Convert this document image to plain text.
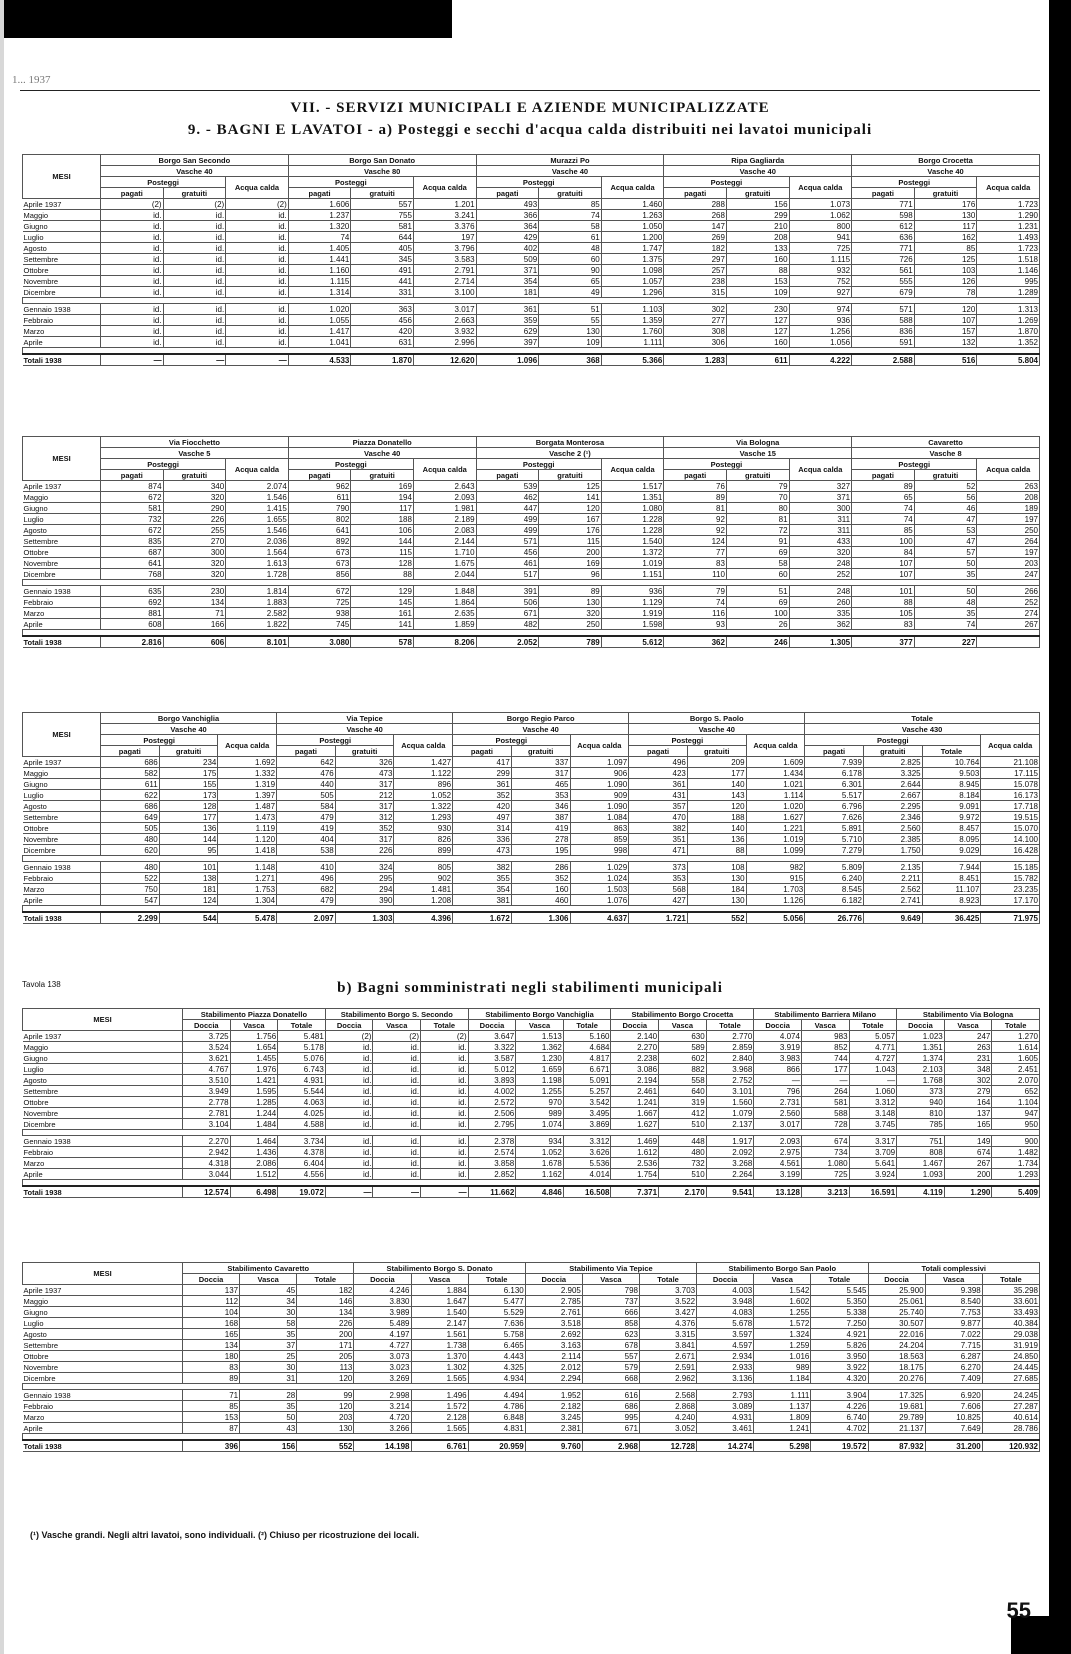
1... 1937
VII. - SERVIZI MUNICIPALI E AZIENDE MUNICIPALIZZATE
9. - BAGNI E LAVATOI - a) Posteggi e secchi d'acqua calda distribuiti nei lavatoi municipali
MESI	Borgo San Secondo			Borgo San Donato			Murazzi Po			Ripa Gagliarda			Borgo Crocetta		
	Vasche 40			Vasche 80			Vasche 40			Vasche 40			Vasche 40		
	Posteggi		Acqua calda	Posteggi		Acqua calda	Posteggi		Acqua calda	Posteggi		Acqua calda	Posteggi		Acqua calda
	pagati	gratuiti		pagati	gratuiti		pagati	gratuiti		pagati	gratuiti		pagati	gratuiti	
Aprile 1937	(2)	(2)	(2)	1.606	557	1.201	493	85	1.460	288	156	1.073	771	176	1.723
Maggio	id.	id.	id.	1.237	755	3.241	366	74	1.263	268	299	1.062	598	130	1.290
Giugno	id.	id.	id.	1.320	581	3.376	364	58	1.050	147	210	800	612	117	1.231
Luglio	id.	id.	id.	74	644	197	429	61	1.200	269	208	941	636	162	1.493
Agosto	id.	id.	id.	1.405	405	3.796	402	48	1.747	182	133	725	771	85	1.723
Settembre	id.	id.	id.	1.441	345	3.583	509	60	1.375	297	160	1.115	726	125	1.518
Ottobre	id.	id.	id.	1.160	491	2.791	371	90	1.098	257	88	932	561	103	1.146
Novembre	id.	id.	id.	1.115	441	2.714	354	65	1.057	238	153	752	555	126	995
Dicembre	id.	id.	id.	1.314	331	3.100	181	49	1.296	315	109	927	679	78	1.289

Gennaio 1938	id.	id.	id.	1.020	363	3.017	361	51	1.103	302	230	974	571	120	1.313
Febbraio	id.	id.	id.	1.055	456	2.663	359	55	1.359	277	127	936	588	107	1.269
Marzo	id.	id.	id.	1.417	420	3.932	629	130	1.760	308	127	1.256	836	157	1.870
Aprile	id.	id.	id.	1.041	631	2.996	397	109	1.111	306	160	1.056	591	132	1.352

Totali 1938	—	—	—	4.533	1.870	12.620	1.096	368	5.366	1.283	611	4.222	2.588	516	5.804
MESI	Via Fiocchetto			Piazza Donatello			Borgata Monterosa			Via Bologna			Cavaretto		
	Vasche 5			Vasche 40			Vasche 2 (¹)			Vasche 15			Vasche 8		
	Posteggi		Acqua calda	Posteggi		Acqua calda	Posteggi		Acqua calda	Posteggi		Acqua calda	Posteggi		Acqua calda
	pagati	gratuiti		pagati	gratuiti		pagati	gratuiti		pagati	gratuiti		pagati	gratuiti	
Aprile 1937	874	340	2.074	962	169	2.643	539	125	1.517	76	79	327	89	52	263
Maggio	672	320	1.546	611	194	2.093	462	141	1.351	89	70	371	65	56	208
Giugno	581	290	1.415	790	117	1.981	447	120	1.080	81	80	300	74	46	189
Luglio	732	226	1.655	802	188	2.189	499	167	1.228	92	81	311	74	47	197
Agosto	672	255	1.546	641	106	2.083	499	176	1.228	92	72	311	85	53	250
Settembre	835	270	2.036	892	144	2.144	571	115	1.540	124	91	433	100	47	264
Ottobre	687	300	1.564	673	115	1.710	456	200	1.372	77	69	320	84	57	197
Novembre	641	320	1.613	673	128	1.675	461	169	1.019	83	58	248	107	50	203
Dicembre	768	320	1.728	856	88	2.044	517	96	1.151	110	60	252	107	35	247

Gennaio 1938	635	230	1.814	672	129	1.848	391	89	936	79	51	248	101	50	266
Febbraio	692	134	1.883	725	145	1.864	506	130	1.129	74	69	260	88	48	252
Marzo	881	71	2.582	938	161	2.635	671	320	1.919	116	100	335	105	35	274
Aprile	608	166	1.822	745	141	1.859	482	250	1.598	93	26	362	83	74	267

Totali 1938	2.816	606	8.101	3.080	578	8.206	2.052	789	5.612	362	246	1.305	377	227	
MESI	Borgo Vanchiglia			Via Tepice			Borgo Regio Parco			Borgo S. Paolo			Totale			
	Vasche 40			Vasche 40			Vasche 40			Vasche 40			Vasche 430			
	Posteggi		Acqua calda	Posteggi		Acqua calda	Posteggi		Acqua calda	Posteggi		Acqua calda	Posteggi			Acqua calda
	pagati	gratuiti		pagati	gratuiti		pagati	gratuiti		pagati	gratuiti		pagati	gratuiti	Totale	
Aprile 1937	686	234	1.692	642	326	1.427	417	337	1.097	496	209	1.609	7.939	2.825	10.764	21.108
Maggio	582	175	1.332	476	473	1.122	299	317	906	423	177	1.434	6.178	3.325	9.503	17.115
Giugno	611	155	1.319	440	317	896	361	465	1.090	361	140	1.021	6.301	2.644	8.945	15.078
Luglio	622	173	1.397	505	212	1.052	352	353	909	431	143	1.114	5.517	2.667	8.184	16.173
Agosto	686	128	1.487	584	317	1.322	420	346	1.090	357	120	1.020	6.796	2.295	9.091	17.718
Settembre	649	177	1.473	479	312	1.293	497	387	1.084	470	188	1.627	7.626	2.346	9.972	19.515
Ottobre	505	136	1.119	419	352	930	314	419	863	382	140	1.221	5.891	2.560	8.457	15.070
Novembre	480	144	1.120	404	317	826	336	278	859	351	136	1.019	5.710	2.385	8.095	14.100
Dicembre	620	95	1.418	538	226	899	473	195	998	471	88	1.099	7.279	1.750	9.029	16.428

Gennaio 1938	480	101	1.148	410	324	805	382	286	1.029	373	108	982	5.809	2.135	7.944	15.185
Febbraio	522	138	1.271	496	295	902	355	352	1.024	353	130	915	6.240	2.211	8.451	15.782
Marzo	750	181	1.753	682	294	1.481	354	160	1.503	568	184	1.703	8.545	2.562	11.107	23.235
Aprile	547	124	1.304	479	390	1.208	381	460	1.076	427	130	1.126	6.182	2.741	8.923	17.170

Totali 1938	2.299	544	5.478	2.097	1.303	4.396	1.672	1.306	4.637	1.721	552	5.056	26.776	9.649	36.425	71.975
Tavola 138	b) Bagni somministrati negli stabilimenti municipali
MESI	Stabilimento Piazza Donatello			Stabilimento Borgo S. Secondo			Stabilimento Borgo Vanchiglia			Stabilimento Borgo Crocetta			Stabilimento Barriera Milano			Stabilimento Via Bologna		
	Doccia	Vasca	Totale	Doccia	Vasca	Totale	Doccia	Vasca	Totale	Doccia	Vasca	Totale	Doccia	Vasca	Totale	Doccia	Vasca	Totale
Aprile 1937	3.725	1.756	5.481	(2)	(2)	(2)	3.647	1.513	5.160	2.140	630	2.770	4.074	983	5.057	1.023	247	1.270
Maggio	3.524	1.654	5.178	id.	id.	id.	3.322	1.362	4.684	2.270	589	2.859	3.919	852	4.771	1.351	263	1.614
Giugno	3.621	1.455	5.076	id.	id.	id.	3.587	1.230	4.817	2.238	602	2.840	3.983	744	4.727	1.374	231	1.605
Luglio	4.767	1.976	6.743	id.	id.	id.	5.012	1.659	6.671	3.086	882	3.968	866	177	1.043	2.103	348	2.451
Agosto	3.510	1.421	4.931	id.	id.	id.	3.893	1.198	5.091	2.194	558	2.752	—	—	—	1.768	302	2.070
Settembre	3.949	1.595	5.544	id.	id.	id.	4.002	1.255	5.257	2.461	640	3.101	796	264	1.060	373	279	652
Ottobre	2.778	1.285	4.063	id.	id.	id.	2.572	970	3.542	1.241	319	1.560	2.731	581	3.312	940	164	1.104
Novembre	2.781	1.244	4.025	id.	id.	id.	2.506	989	3.495	1.667	412	1.079	2.560	588	3.148	810	137	947
Dicembre	3.104	1.484	4.588	id.	id.	id.	2.795	1.074	3.869	1.627	510	2.137	3.017	728	3.745	785	165	950

Gennaio 1938	2.270	1.464	3.734	id.	id.	id.	2.378	934	3.312	1.469	448	1.917	2.093	674	3.317	751	149	900
Febbraio	2.942	1.436	4.378	id.	id.	id.	2.574	1.052	3.626	1.612	480	2.092	2.975	734	3.709	808	674	1.482
Marzo	4.318	2.086	6.404	id.	id.	id.	3.858	1.678	5.536	2.536	732	3.268	4.561	1.080	5.641	1.467	267	1.734
Aprile	3.044	1.512	4.556	id.	id.	id.	2.852	1.162	4.014	1.754	510	2.264	3.199	725	3.924	1.093	200	1.293

Totali 1938	12.574	6.498	19.072	—	—	—	11.662	4.846	16.508	7.371	2.170	9.541	13.128	3.213	16.591	4.119	1.290	5.409
MESI	Stabilimento Cavaretto			Stabilimento Borgo S. Donato			Stabilimento Via Tepice			Stabilimento Borgo San Paolo			Totali complessivi		
	Doccia	Vasca	Totale	Doccia	Vasca	Totale	Doccia	Vasca	Totale	Doccia	Vasca	Totale	Doccia	Vasca	Totale
Aprile 1937	137	45	182	4.246	1.884	6.130	2.905	798	3.703	4.003	1.542	5.545	25.900	9.398	35.298
Maggio	112	34	146	3.830	1.647	5.477	2.785	737	3.522	3.948	1.602	5.350	25.061	8.540	33.601
Giugno	104	30	134	3.989	1.540	5.529	2.761	666	3.427	4.083	1.255	5.338	25.740	7.753	33.493
Luglio	168	58	226	5.489	2.147	7.636	3.518	858	4.376	5.678	1.572	7.250	30.507	9.877	40.384
Agosto	165	35	200	4.197	1.561	5.758	2.692	623	3.315	3.597	1.324	4.921	22.016	7.022	29.038
Settembre	134	37	171	4.727	1.738	6.465	3.163	678	3.841	4.597	1.259	5.826	24.204	7.715	31.919
Ottobre	180	25	205	3.073	1.370	4.443	2.114	557	2.671	2.934	1.016	3.950	18.563	6.287	24.850
Novembre	83	30	113	3.023	1.302	4.325	2.012	579	2.591	2.933	989	3.922	18.175	6.270	24.445
Dicembre	89	31	120	3.269	1.565	4.934	2.294	668	2.962	3.136	1.184	4.320	20.276	7.409	27.685

Gennaio 1938	71	28	99	2.998	1.496	4.494	1.952	616	2.568	2.793	1.111	3.904	17.325	6.920	24.245
Febbraio	85	35	120	3.214	1.572	4.786	2.182	686	2.868	3.089	1.137	4.226	19.681	7.606	27.287
Marzo	153	50	203	4.720	2.128	6.848	3.245	995	4.240	4.931	1.809	6.740	29.789	10.825	40.614
Aprile	87	43	130	3.266	1.565	4.831	2.381	671	3.052	3.461	1.241	4.702	21.137	7.649	28.786

Totali 1938	396	156	552	14.198	6.761	20.959	9.760	2.968	12.728	14.274	5.298	19.572	87.932	31.200	120.932
(¹) Vasche grandi. Negli altri lavatoi, sono individuali. (²) Chiuso per ricostruzione dei locali.
55
